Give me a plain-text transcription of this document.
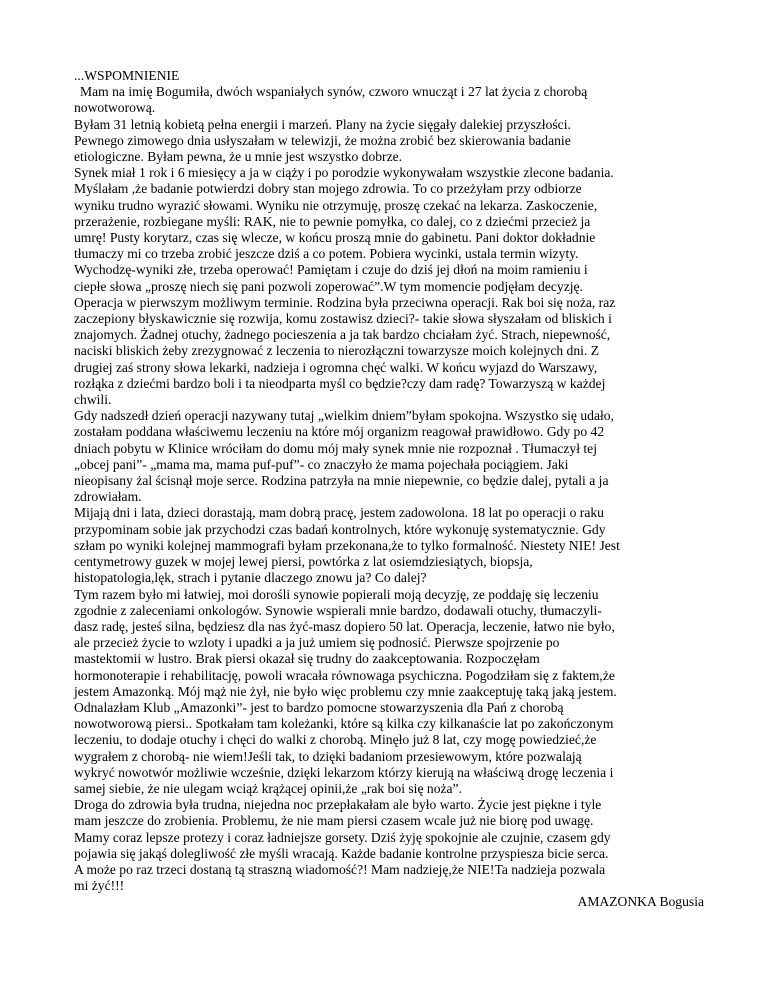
...WSPOMNIENIE
Mam na imię Bogumiła, dwóch wspaniałych synów, czworo wnucząt i 27 lat życia z chorobą
nowotworową.
Byłam 31 letnią kobietą pełna energii i marzeń. Plany na życie sięgały dalekiej przyszłości.
Pewnego zimowego dnia usłyszałam w telewizji, że można zrobić bez skierowania badanie
etiologiczne. Byłam pewna, że u mnie jest wszystko dobrze.
Synek miał 1 rok i 6 miesięcy a ja w ciąży i po porodzie wykonywałam wszystkie zlecone badania.
Myślałam ,że badanie potwierdzi dobry stan mojego zdrowia. To co przeżyłam przy odbiorze
wyniku trudno wyrazić słowami. Wyniku nie otrzymuję, proszę czekać na lekarza. Zaskoczenie,
przerażenie, rozbiegane myśli: RAK, nie to pewnie pomyłka, co dalej, co z dziećmi przecież ja
umrę! Pusty korytarz, czas się wlecze, w końcu proszą mnie do gabinetu. Pani doktor dokładnie
tłumaczy mi co trzeba zrobić jeszcze dziś a co potem. Pobiera wycinki, ustala termin wizyty.
Wychodzę-wyniki złe, trzeba operować! Pamiętam i czuje do dziś jej dłoń na moim ramieniu i
ciepłe słowa „proszę niech się pani pozwoli zoperować”.W tym momencie podjęłam decyzję.
Operacja w pierwszym możliwym terminie. Rodzina była przeciwna operacji. Rak boi się noża, raz
zaczepiony błyskawicznie się rozwija, komu zostawisz dzieci?- takie słowa słyszałam od bliskich i
znajomych. Żadnej otuchy, żadnego pocieszenia a ja tak bardzo chciałam żyć. Strach, niepewność,
naciski bliskich żeby zrezygnować z leczenia to nierozłączni towarzysze moich kolejnych dni. Z
drugiej zaś strony słowa lekarki, nadzieja i ogromna chęć walki. W końcu wyjazd do Warszawy,
rozłąka z dziećmi bardzo boli i ta nieodparta myśl co będzie?czy dam radę? Towarzyszą w każdej
chwili.
Gdy nadszedł dzień operacji nazywany tutaj „wielkim dniem”byłam spokojna. Wszystko się udało,
zostałam poddana właściwemu leczeniu na które mój organizm reagował prawidłowo. Gdy po 42
dniach pobytu w Klinice wróciłam do domu mój mały synek mnie nie rozpoznał . Tłumaczył tej
„obcej pani”- „mama ma, mama puf-puf”- co znaczyło że mama pojechała pociągiem. Jaki
nieopisany żal ścisnął moje serce. Rodzina patrzyła na mnie niepewnie, co będzie dalej, pytali a ja
zdrowiałam.
Mijają dni i lata, dzieci dorastają, mam dobrą pracę, jestem zadowolona. 18 lat po operacji o raku
przypominam sobie jak przychodzi czas badań kontrolnych, które wykonuję systematycznie. Gdy
szłam po wyniki kolejnej mammografi byłam przekonana,że to tylko formalność. Niestety NIE! Jest
centymetrowy guzek w mojej lewej piersi, powtórka z lat osiemdziesiątych, biopsja,
histopatologia,lęk, strach i pytanie dlaczego znowu ja? Co dalej?
Tym razem było mi łatwiej, moi dorośli synowie popierali moją decyzję, ze poddaję się leczeniu
zgodnie z zaleceniami onkologów. Synowie wspierali mnie bardzo, dodawali otuchy, tłumaczyli-
dasz radę, jesteś silna, będziesz dla nas żyć-masz dopiero 50 lat. Operacja, leczenie, łatwo nie było,
ale przecież życie to wzloty i upadki a ja już umiem się podnosić. Pierwsze spojrzenie po
mastektomii w lustro. Brak piersi okazał się trudny do zaakceptowania. Rozpoczęłam
hormonoterapie i rehabilitację, powoli wracała równowaga psychiczna. Pogodziłam się z faktem,że
jestem Amazonką. Mój mąż nie żył, nie było więc problemu czy mnie zaakceptuję taką jaką jestem.
Odnalazłam Klub „Amazonki”- jest to bardzo pomocne stowarzyszenia dla Pań z chorobą
nowotworową piersi.. Spotkałam tam koleżanki, które są kilka czy kilkanaście lat po zakończonym
leczeniu, to dodaje otuchy i chęci do walki z chorobą. Minęło już 8 lat, czy mogę powiedzieć,że
wygrałem z chorobą- nie wiem!Jeśli tak, to dzięki badaniom przesiewowym, które pozwalają
wykryć nowotwór możliwie wcześnie, dzięki lekarzom którzy kierują na właściwą drogę leczenia i
samej siebie, że nie ulegam wciąż krążącej opinii,że „rak boi się noża”.
Droga do zdrowia była trudna, niejedna noc przepłakałam ale było warto. Życie jest piękne i tyle
mam jeszcze do zrobienia. Problemu, że nie mam piersi czasem wcale już nie biorę pod uwagę.
Mamy coraz lepsze protezy i coraz ładniejsze gorsety. Dziś żyję spokojnie ale czujnie, czasem gdy
pojawia się jakąś dolegliwość złe myśli wracają. Każde badanie kontrolne przyspiesza bicie serca.
A może po raz trzeci dostaną tą straszną wiadomość?! Mam nadzieję,że NIE!Ta nadzieja pozwala
mi żyć!!!
AMAZONKA Bogusia
